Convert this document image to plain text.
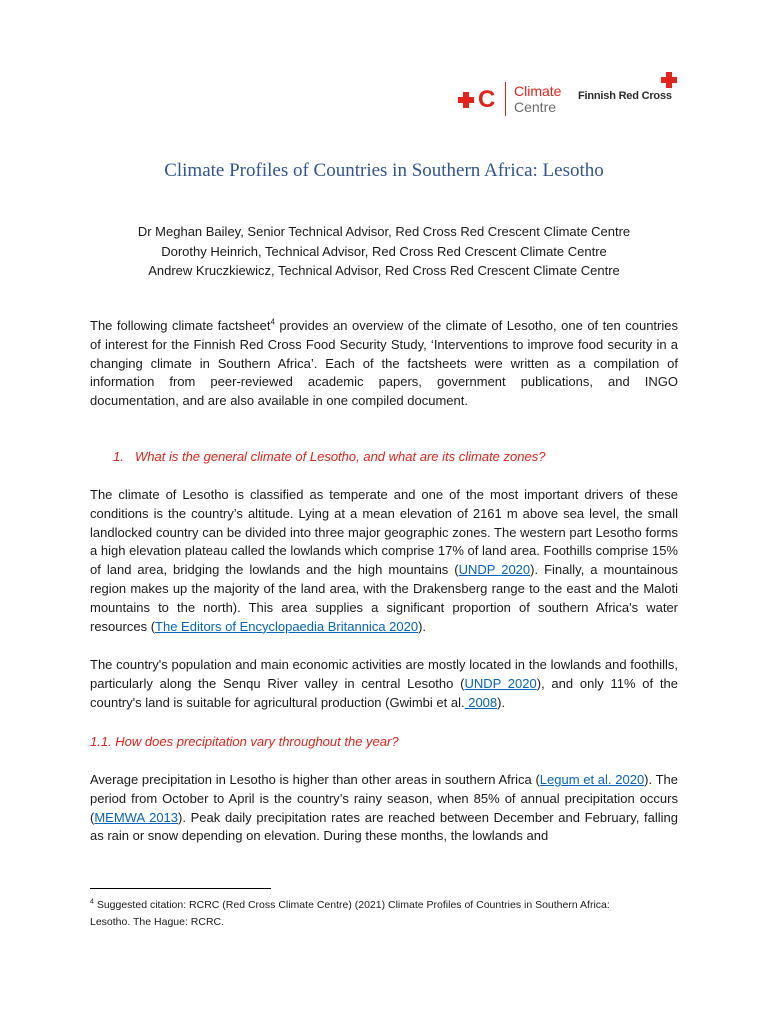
C Climate
Centre
Finnish Red Cross
Climate Profiles of Countries in Southern Africa: Lesotho
Dr Meghan Bailey, Senior Technical Advisor, Red Cross Red Crescent Climate Centre
Dorothy Heinrich, Technical Advisor, Red Cross Red Crescent Climate Centre
Andrew Kruczkiewicz, Technical Advisor, Red Cross Red Crescent Climate Centre
The following climate factsheet$^4$ provides an overview of the climate of Lesotho, one of ten countries of interest for the Finnish Red Cross Food Security Study, ‘Interventions to improve food security in a changing climate in Southern Africa’. Each of the factsheets were written as a compilation of information from peer-reviewed academic papers, government publications, and INGO documentation, and are also available in one compiled document.
1. What is the general climate of Lesotho, and what are its climate zones?
The climate of Lesotho is classified as temperate and one of the most important drivers of these conditions is the country’s altitude. Lying at a mean elevation of 2161 m above sea level, the small landlocked country can be divided into three major geographic zones. The western part Lesotho forms a high elevation plateau called the lowlands which comprise 17% of land area. Foothills comprise 15% of land area, bridging the lowlands and the high mountains (UNDP 2020). Finally, a mountainous region makes up the majority of the land area, with the Drakensberg range to the east and the Maloti mountains to the north). This area supplies a significant proportion of southern Africa's water resources (The Editors of Encyclopaedia Britannica 2020).
The country's population and main economic activities are mostly located in the lowlands and foothills, particularly along the Senqu River valley in central Lesotho (UNDP 2020), and only 11% of the country's land is suitable for agricultural production (Gwimbi et al. 2008).
1.1. How does precipitation vary throughout the year?
Average precipitation in Lesotho is higher than other areas in southern Africa (Legum et al. 2020). The period from October to April is the country’s rainy season, when 85% of annual precipitation occurs (MEMWA 2013). Peak daily precipitation rates are reached between December and February, falling as rain or snow depending on elevation. During these months, the lowlands and
$^4$ Suggested citation: RCRC (Red Cross Climate Centre) (2021) Climate Profiles of Countries in Southern Africa: Lesotho. The Hague: RCRC.
